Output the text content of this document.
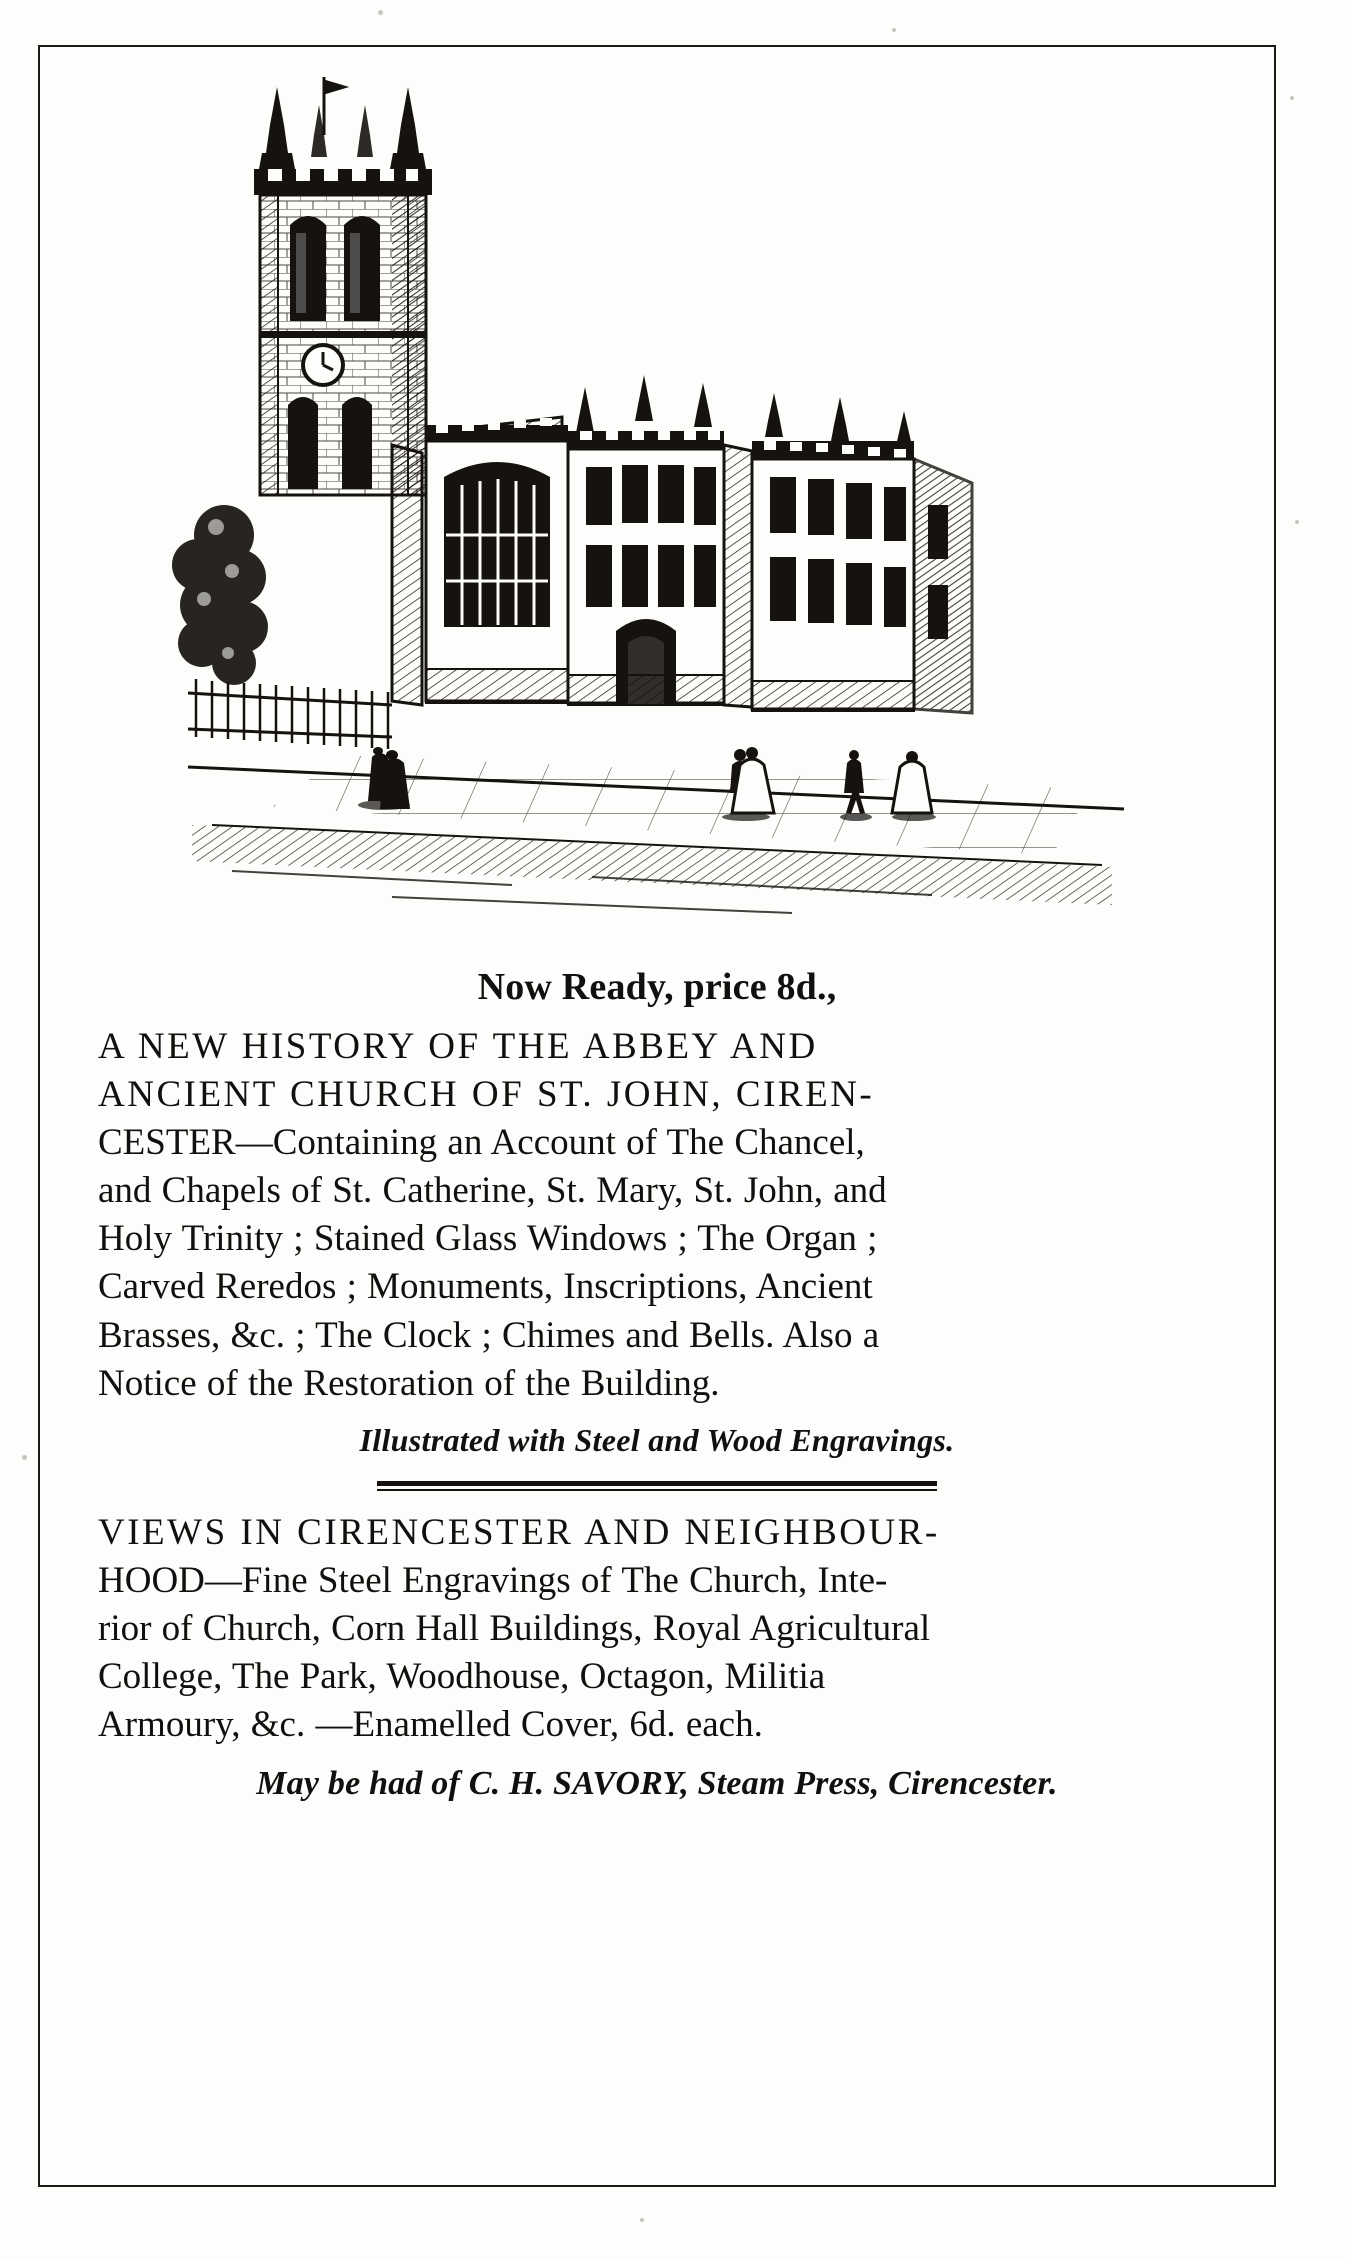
Now Ready, price 8d.,
A NEW HISTORY OF THE ABBEY AND
ANCIENT CHURCH OF ST. JOHN, CIREN-
CESTER—Containing an Account of The Chancel,
and Chapels of St. Catherine, St. Mary, St. John, and
Holy Trinity ; Stained Glass Windows ; The Organ ;
Carved Reredos ; Monuments, Inscriptions, Ancient
Brasses, &c. ; The Clock ; Chimes and Bells. Also a
Notice of the Restoration of the Building.
Illustrated with Steel and Wood Engravings.
VIEWS IN CIRENCESTER AND NEIGHBOUR-
HOOD—Fine Steel Engravings of The Church, Inte-
rior of Church, Corn Hall Buildings, Royal Agricultural
College, The Park, Woodhouse, Octagon, Militia
Armoury, &c. —Enamelled Cover, 6d. each.
May be had of C. H. SAVORY, Steam Press, Cirencester.
